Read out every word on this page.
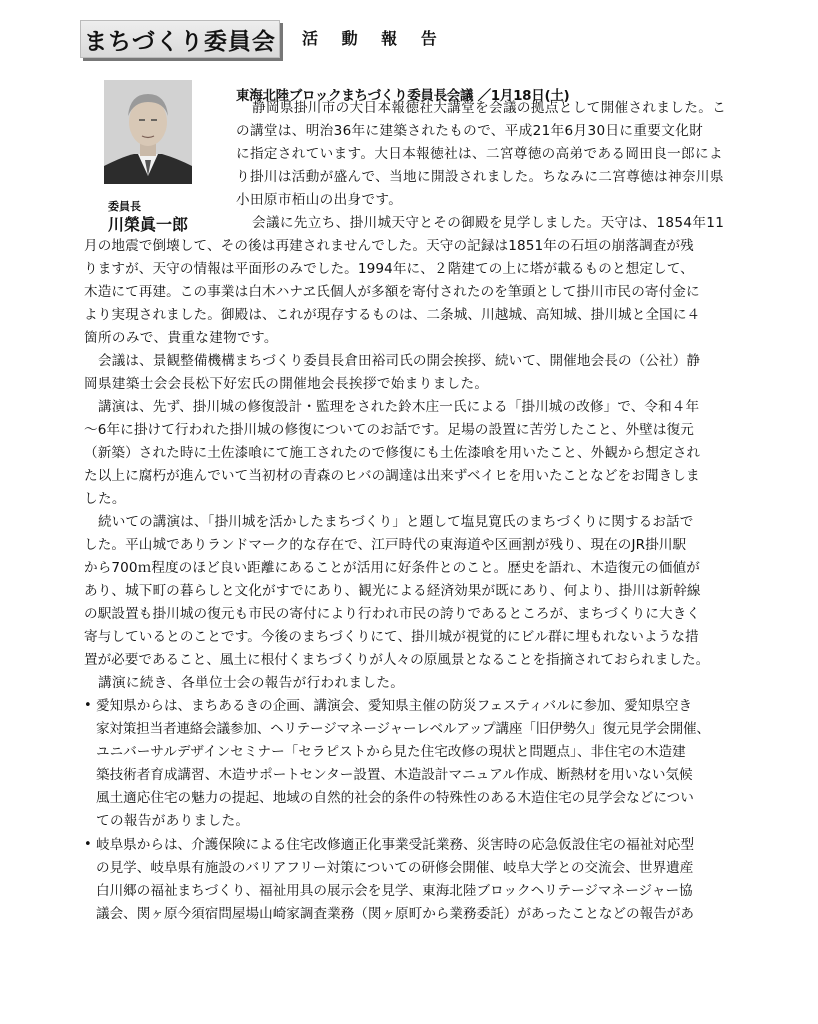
まちづくり委員会 活 動 報 告
委員長
川榮眞一郎
東海北陸ブロックまちづくり委員長会議 ／1月18日(土)
静岡県掛川市の大日本報徳社大講堂を会議の拠点として開催されました。こ
の講堂は、明治36年に建築されたもので、平成21年6月30日に重要文化財
に指定されています。大日本報徳社は、二宮尊徳の高弟である岡田良一郎によ
り掛川は活動が盛んで、当地に開設されました。ちなみに二宮尊徳は神奈川県
小田原市栢山の出身です。
会議に先立ち、掛川城天守とその御殿を見学しました。天守は、1854年11
月の地震で倒壊して、その後は再建されませんでした。天守の記録は1851年の石垣の崩落調査が残
りますが、天守の情報は平面形のみでした。1994年に、２階建ての上に塔が載るものと想定して、
木造にて再建。この事業は白木ハナヱ氏個人が多額を寄付されたのを筆頭として掛川市民の寄付金に
より実現されました。御殿は、これが現存するものは、二条城、川越城、高知城、掛川城と全国に４
箇所のみで、貴重な建物です。
会議は、景観整備機構まちづくり委員長倉田裕司氏の開会挨拶、続いて、開催地会長の（公社）静
岡県建築士会会長松下好宏氏の開催地会長挨拶で始まりました。
講演は、先ず、掛川城の修復設計・監理をされた鈴木庄一氏による「掛川城の改修」で、令和４年
～6年に掛けて行われた掛川城の修復についてのお話です。足場の設置に苦労したこと、外壁は復元
（新築）された時に土佐漆喰にて施工されたので修復にも土佐漆喰を用いたこと、外観から想定され
た以上に腐朽が進んでいて当初材の青森のヒバの調達は出来ずベイヒを用いたことなどをお聞きしま
した。
続いての講演は、「掛川城を活かしたまちづくり」と題して塩見寛氏のまちづくりに関するお話で
した。平山城でありランドマーク的な存在で、江戸時代の東海道や区画割が残り、現在のJR掛川駅
から700ｍ程度のほど良い距離にあることが活用に好条件とのこと。歴史を語れ、木造復元の価値が
あり、城下町の暮らしと文化がすでにあり、観光による経済効果が既にあり、何より、掛川は新幹線
の駅設置も掛川城の復元も市民の寄付により行われ市民の誇りであるところが、まちづくりに大きく
寄与しているとのことです。今後のまちづくりにて、掛川城が視覚的にビル群に埋もれないような措
置が必要であること、風土に根付くまちづくりが人々の原風景となることを指摘されておられました。
講演に続き、各単位士会の報告が行われました。
• 愛知県からは、まちあるきの企画、講演会、愛知県主催の防災フェスティバルに参加、愛知県空き
家対策担当者連絡会議参加、ヘリテージマネージャーレベルアップ講座「旧伊勢久」復元見学会開催、
ユニバーサルデザインセミナー「セラピストから見た住宅改修の現状と問題点」、非住宅の木造建
築技術者育成講習、木造サポートセンター設置、木造設計マニュアル作成、断熱材を用いない気候
風土適応住宅の魅力の提起、地域の自然的社会的条件の特殊性のある木造住宅の見学会などについ
ての報告がありました。
• 岐阜県からは、介護保険による住宅改修適正化事業受託業務、災害時の応急仮設住宅の福祉対応型
の見学、岐阜県有施設のバリアフリー対策についての研修会開催、岐阜大学との交流会、世界遺産
白川郷の福祉まちづくり、福祉用具の展示会を見学、東海北陸ブロックヘリテージマネージャー協
議会、関ヶ原今須宿問屋場山崎家調査業務（関ヶ原町から業務委託）があったことなどの報告があ
